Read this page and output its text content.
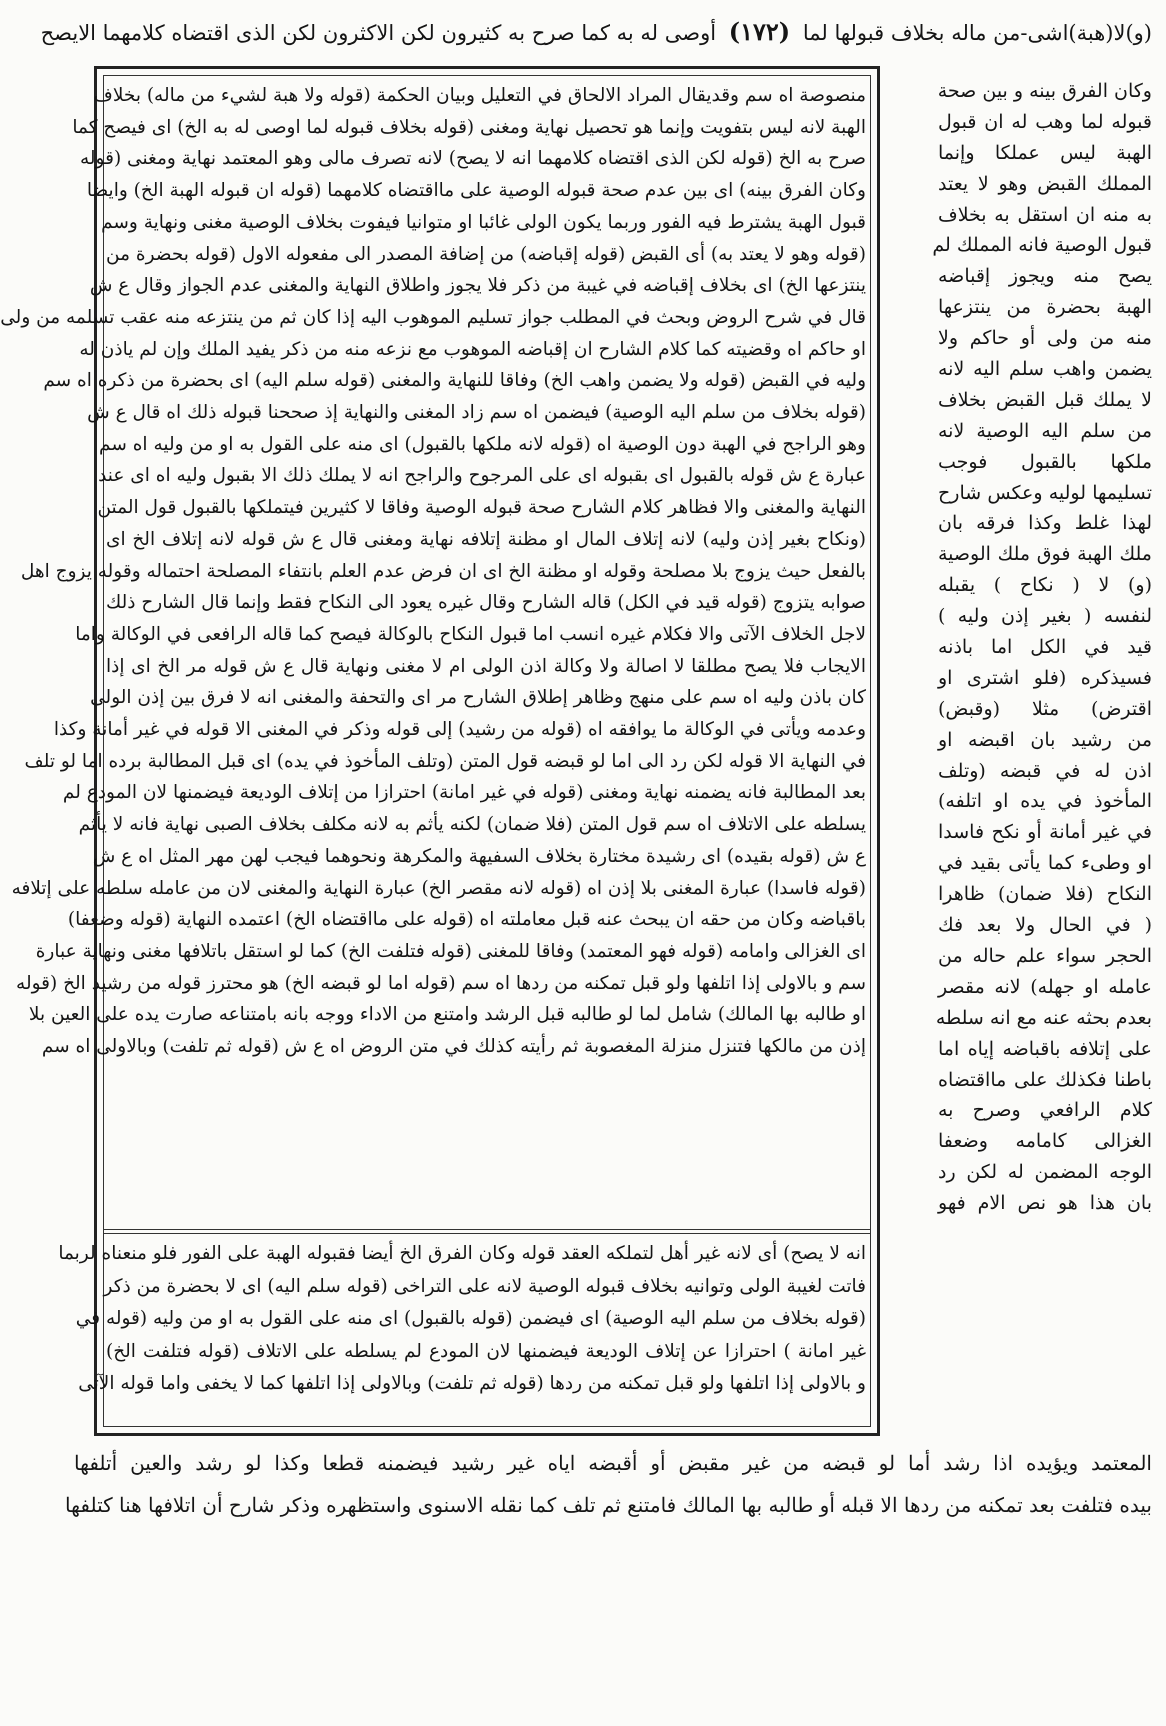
(و)لا(هبة)اشى-من ماله بخلاف قبولها لما (١٧٢) أوصى له به كما صرح به كثيرون لكن الاكثرون لكن الذى اقتضاه كلامهما الايصح
وكان الفرق بينه و بين صحة
قبوله لما وهب له ان قبول
الهبة ليس عملكا وإنما
المملك القبض وهو لا يعتد
به منه ان استقل به بخلاف
قبول الوصية فانه المملك لم
يصح منه ويجوز إقباضه
الهبة بحضرة من ينتزعها
منه من ولى أو حاكم ولا
يضمن واهب سلم اليه لانه
لا يملك قبل القبض بخلاف
من سلم اليه الوصية لانه
ملكها بالقبول فوجب
تسليمها لوليه وعكس شارح
لهذا غلط وكذا فرقه بان
ملك الهبة فوق ملك الوصية
(و) لا ( نكاح ) يقبله
لنفسه ( بغير إذن وليه )
قيد في الكل اما باذنه
فسيذكره (فلو اشترى او
اقترض) مثلا (وقبض)
من رشيد بان اقبضه او
اذن له في قبضه (وتلف
المأخوذ في يده او اتلفه)
في غير أمانة أو نكح فاسدا
او وطىء كما يأتى بقيد في
النكاح (فلا ضمان) ظاهرا
( في الحال ولا بعد فك
الحجر سواء علم حاله من
عامله او جهله) لانه مقصر
بعدم بحثه عنه مع انه سلطه
على إتلافه باقباضه إياه اما
باطنا فكذلك على مااقتضاه
كلام الرافعي وصرح به
الغزالى كامامه وضعفا
الوجه المضمن له لكن رد
بان هذا هو نص الام فهو
منصوصة اه سم وقديقال المراد الالحاق في التعليل وبيان الحكمة (قوله ولا هبة لشيء من ماله) بخلاف
الهبة لانه ليس بتفويت وإنما هو تحصيل نهاية ومغنى (قوله بخلاف قبوله لما اوصى له به الخ) اى فيصح كما
صرح به الخ (قوله لكن الذى اقتضاه كلامهما انه لا يصح) لانه تصرف مالى وهو المعتمد نهاية ومغنى (قوله
وكان الفرق بينه) اى بين عدم صحة قبوله الوصية على مااقتضاه كلامهما (قوله ان قبوله الهبة الخ) وايضا
قبول الهبة يشترط فيه الفور وربما يكون الولى غائبا او متوانيا فيفوت بخلاف الوصية مغنى ونهاية وسم
(قوله وهو لا يعتد به) أى القبض (قوله إقباضه) من إضافة المصدر الى مفعوله الاول (قوله بحضرة من
ينتزعها الخ) اى بخلاف إقباضه في غيبة من ذكر فلا يجوز واطلاق النهاية والمغنى عدم الجواز وقال ع ش
قال في شرح الروض وبحث في المطلب جواز تسليم الموهوب اليه إذا كان ثم من ينتزعه منه عقب تسلمه من ولى
او حاكم اه وقضيته كما كلام الشارح ان إقباضه الموهوب مع نزعه منه من ذكر يفيد الملك وإن لم ياذن له
وليه في القبض (قوله ولا يضمن واهب الخ) وفاقا للنهاية والمغنى (قوله سلم اليه) اى بحضرة من ذكره اه سم
(قوله بخلاف من سلم اليه الوصية) فيضمن اه سم زاد المغنى والنهاية إذ صححنا قبوله ذلك اه قال ع ش
وهو الراجح في الهبة دون الوصية اه (قوله لانه ملكها بالقبول) اى منه على القول به او من وليه اه سم
عبارة ع ش قوله بالقبول اى بقبوله اى على المرجوح والراجح انه لا يملك ذلك الا بقبول وليه اه اى عند
النهاية والمغنى والا فظاهر كلام الشارح صحة قبوله الوصية وفاقا لا كثيرين فيتملكها بالقبول قول المتن
(ونكاح بغير إذن وليه) لانه إتلاف المال او مظنة إتلافه نهاية ومغنى قال ع ش قوله لانه إتلاف الخ اى
بالفعل حيث يزوج بلا مصلحة وقوله او مظنة الخ اى ان فرض عدم العلم بانتفاء المصلحة احتماله وقوله يزوج اهل
صوابه يتزوج (قوله قيد في الكل) قاله الشارح وقال غيره يعود الى النكاح فقط وإنما قال الشارح ذلك
لاجل الخلاف الآتى والا فكلام غيره انسب اما قبول النكاح بالوكالة فيصح كما قاله الرافعى في الوكالة واما
الايجاب فلا يصح مطلقا لا اصالة ولا وكالة اذن الولى ام لا مغنى ونهاية قال ع ش قوله مر الخ اى إذا
كان باذن وليه اه سم على منهج وظاهر إطلاق الشارح مر اى والتحفة والمغنى انه لا فرق بين إذن الولى
وعدمه ويأتى في الوكالة ما يوافقه اه (قوله من رشيد) إلى قوله وذكر في المغنى الا قوله في غير أمانة وكذا
في النهاية الا قوله لكن رد الى اما لو قبضه قول المتن (وتلف المأخوذ في يده) اى قبل المطالبة برده اما لو تلف
بعد المطالبة فانه يضمنه نهاية ومغنى (قوله في غير امانة) احترازا من إتلاف الوديعة فيضمنها لان المودع لم
يسلطه على الاتلاف اه سم قول المتن (فلا ضمان) لكنه يأثم به لانه مكلف بخلاف الصبى نهاية فانه لا يأثم
ع ش (قوله بقيده) اى رشيدة مختارة بخلاف السفيهة والمكرهة ونحوهما فيجب لهن مهر المثل اه ع ش
(قوله فاسدا) عبارة المغنى بلا إذن اه (قوله لانه مقصر الخ) عبارة النهاية والمغنى لان من عامله سلطه على إتلافه
باقباضه وكان من حقه ان يبحث عنه قبل معاملته اه (قوله على مااقتضاه الخ) اعتمده النهاية (قوله وضعفا)
اى الغزالى وامامه (قوله فهو المعتمد) وفاقا للمغنى (قوله فتلفت الخ) كما لو استقل باتلافها مغنى ونهاية عبارة
سم و بالاولى إذا اتلفها ولو قبل تمكنه من ردها اه سم (قوله اما لو قبضه الخ) هو محترز قوله من رشيد الخ (قوله
او طالبه بها المالك) شامل لما لو طالبه قبل الرشد وامتنع من الاداء ووجه بانه بامتناعه صارت يده على العين بلا
إذن من مالكها فتنزل منزلة المغصوبة ثم رأيته كذلك في متن الروض اه ع ش (قوله ثم تلفت) وبالاولى اه سم
انه لا يصح) أى لانه غير أهل لتملكه العقد قوله وكان الفرق الخ أيضا فقبوله الهبة على الفور فلو منعناه لربما
فاتت لغيبة الولى وتوانيه بخلاف قبوله الوصية لانه على التراخى (قوله سلم اليه) اى لا بحضرة من ذكر
(قوله بخلاف من سلم اليه الوصية) اى فيضمن (قوله بالقبول) اى منه على القول به او من وليه (قوله في
غير امانة ) احترازا عن إتلاف الوديعة فيضمنها لان المودع لم يسلطه على الاتلاف (قوله فتلفت الخ)
و بالاولى إذا اتلفها ولو قبل تمكنه من ردها (قوله ثم تلفت) وبالاولى إذا اتلفها كما لا يخفى واما قوله الآتى
المعتمد ويؤيده اذا رشد أما لو قبضه من غير مقبض أو أقبضه اياه غير رشيد فيضمنه قطعا وكذا لو رشد والعين أتلفها
بيده فتلفت بعد تمكنه من ردها الا قبله أو طالبه بها المالك فامتنع ثم تلف كما نقله الاسنوى واستظهره وذكر شارح أن اتلافها هنا كتلفها
